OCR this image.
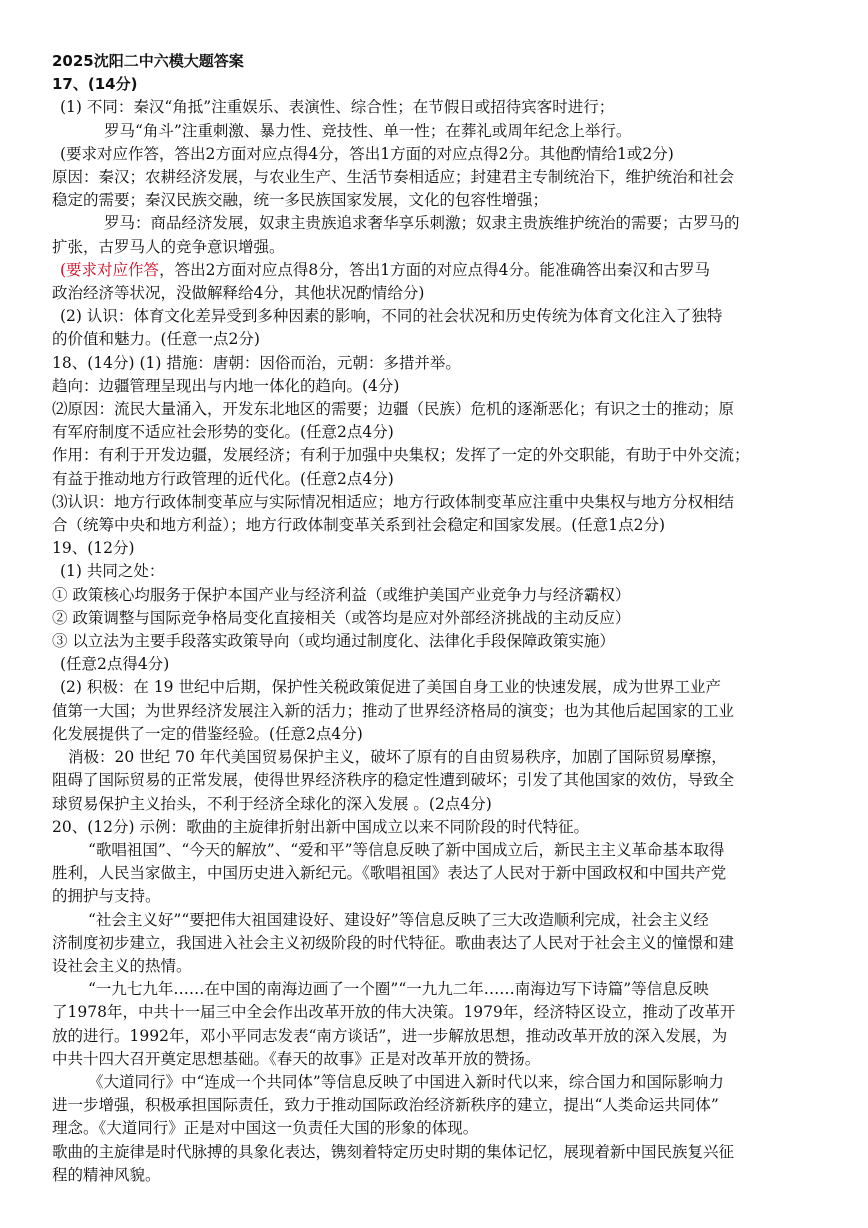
2025沈阳二中六模大题答案
17、(14分)
(1) 不同：秦汉“角抵”注重娱乐、表演性、综合性；在节假日或招待宾客时进行；
罗马“角斗”注重刺激、暴力性、竞技性、单一性；在葬礼或周年纪念上举行。
(要求对应作答，答出2方面对应点得4分，答出1方面的对应点得2分。其他酌情给1或2分)
原因：秦汉；农耕经济发展，与农业生产、生活节奏相适应；封建君主专制统治下，维护统治和社会
稳定的需要；秦汉民族交融，统一多民族国家发展，文化的包容性增强；
罗马：商品经济发展，奴隶主贵族追求奢华享乐刺激；奴隶主贵族维护统治的需要；古罗马的
扩张，古罗马人的竞争意识增强。
(要求对应作答，答出2方面对应点得8分，答出1方面的对应点得4分。能准确答出秦汉和古罗马
政治经济等状况，没做解释给4分，其他状况酌情给分)
(2) 认识：体育文化差异受到多种因素的影响，不同的社会状况和历史传统为体育文化注入了独特
的价值和魅力。(任意一点2分)
18、(14分) (1) 措施：唐朝：因俗而治，元朝：多措并举。
趋向：边疆管理呈现出与内地一体化的趋向。(4分)
⑵原因：流民大量涌入，开发东北地区的需要；边疆（民族）危机的逐渐恶化；有识之士的推动；原
有军府制度不适应社会形势的变化。(任意2点4分)
作用：有利于开发边疆，发展经济；有利于加强中央集权；发挥了一定的外交职能，有助于中外交流；
有益于推动地方行政管理的近代化。(任意2点4分)
⑶认识：地方行政体制变革应与实际情况相适应；地方行政体制变革应注重中央集权与地方分权相结
合（统筹中央和地方利益）；地方行政体制变革关系到社会稳定和国家发展。(任意1点2分)
19、(12分)
(1) 共同之处：
① 政策核心均服务于保护本国产业与经济利益（或维护美国产业竞争力与经济霸权）
② 政策调整与国际竞争格局变化直接相关（或答均是应对外部经济挑战的主动反应）
③ 以立法为主要手段落实政策导向（或均通过制度化、法律化手段保障政策实施）
(任意2点得4分)
(2) 积极：在 19 世纪中后期，保护性关税政策促进了美国自身工业的快速发展，成为世界工业产
值第一大国；为世界经济发展注入新的活力；推动了世界经济格局的演变；也为其他后起国家的工业
化发展提供了一定的借鉴经验。(任意2点4分)
消极：20 世纪 70 年代美国贸易保护主义，破坏了原有的自由贸易秩序，加剧了国际贸易摩擦，
阻碍了国际贸易的正常发展，使得世界经济秩序的稳定性遭到破坏；引发了其他国家的效仿，导致全
球贸易保护主义抬头，不利于经济全球化的深入发展 。(2点4分)
20、(12分) 示例：歌曲的主旋律折射出新中国成立以来不同阶段的时代特征。
“歌唱祖国”、“今天的解放”、“爱和平”等信息反映了新中国成立后，新民主主义革命基本取得
胜利，人民当家做主，中国历史进入新纪元。《歌唱祖国》表达了人民对于新中国政权和中国共产党
的拥护与支持。
“社会主义好”“要把伟大祖国建设好、建设好”等信息反映了三大改造顺利完成，社会主义经
济制度初步建立，我国进入社会主义初级阶段的时代特征。歌曲表达了人民对于社会主义的憧憬和建
设社会主义的热情。
“一九七九年……在中国的南海边画了一个圈”“一九九二年……南海边写下诗篇”等信息反映
了1978年，中共十一届三中全会作出改革开放的伟大决策。1979年，经济特区设立，推动了改革开
放的进行。1992年，邓小平同志发表“南方谈话”，进一步解放思想，推动改革开放的深入发展，为
中共十四大召开奠定思想基础。《春天的故事》正是对改革开放的赞扬。
《大道同行》中“连成一个共同体”等信息反映了中国进入新时代以来，综合国力和国际影响力
进一步增强，积极承担国际责任，致力于推动国际政治经济新秩序的建立，提出“人类命运共同体”
理念。《大道同行》正是对中国这一负责任大国的形象的体现。
歌曲的主旋律是时代脉搏的具象化表达，镌刻着特定历史时期的集体记忆，展现着新中国民族复兴征
程的精神风貌。
